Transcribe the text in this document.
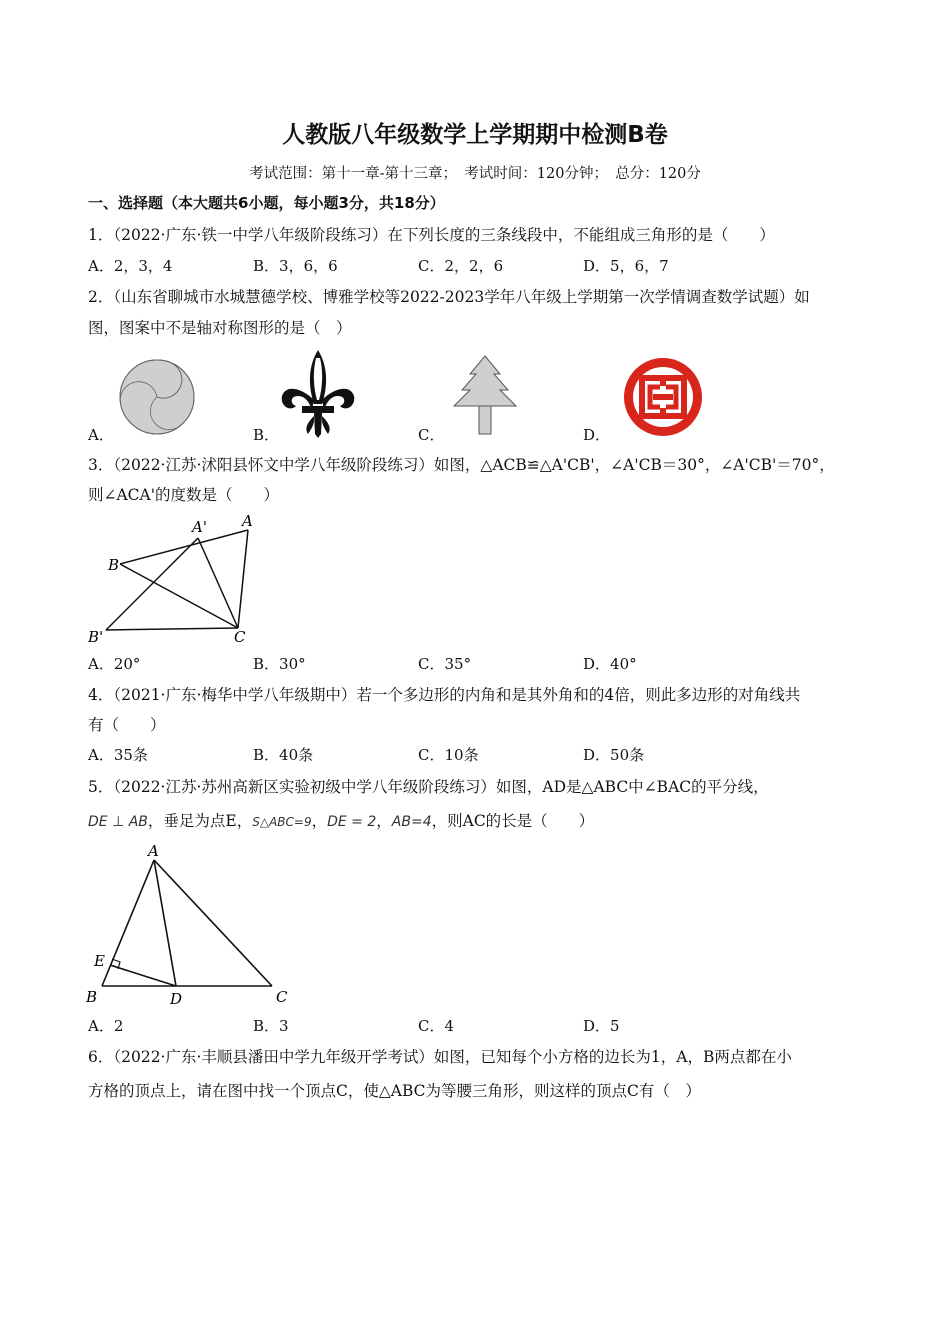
人教版八年级数学上学期期中检测B卷
考试范围：第十一章-第十三章；　考试时间：120分钟；　总分：120分
一、选择题（本大题共6小题，每小题3分，共18分）
1．（2022·广东·铁一中学八年级阶段练习）在下列长度的三条线段中，不能组成三角形的是（　　）
A．2，3，4	B．3，6，6	C．2，2，6	D．5，6，7
2．（山东省聊城市水城慧德学校、博雅学校等2022-2023学年八年级上学期第一次学情调查数学试题）如
图，图案中不是轴对称图形的是（　）
A．	B．	C．	D．
3．（2022·江苏·沭阳县怀文中学八年级阶段练习）如图，△ACB≌△A'CB'，∠A'CB＝30°，∠A'CB'＝70°，
则∠ACA'的度数是（　　）
A
A'
B
B'	C
A．20°	B．30°	C．35°	D．40°
4．（2021·广东·梅华中学八年级期中）若一个多边形的内角和是其外角和的4倍，则此多边形的对角线共
有（　　）
A．35条	B．40条	C．10条	D．50条
5．（2022·江苏·苏州高新区实验初级中学八年级阶段练习）如图，AD是△ABC中∠BAC的平分线，
DE ⊥ AB，垂足为点E，S△ABC=9，DE = 2，AB=4，则AC的长是（　　）
A
B	C
D
E
A．2	B．3	C．4	D．5
6．（2022·广东·丰顺县潘田中学九年级开学考试）如图，已知每个小方格的边长为1，A，B两点都在小
方格的顶点上，请在图中找一个顶点C，使△ABC为等腰三角形，则这样的顶点C有（　）
